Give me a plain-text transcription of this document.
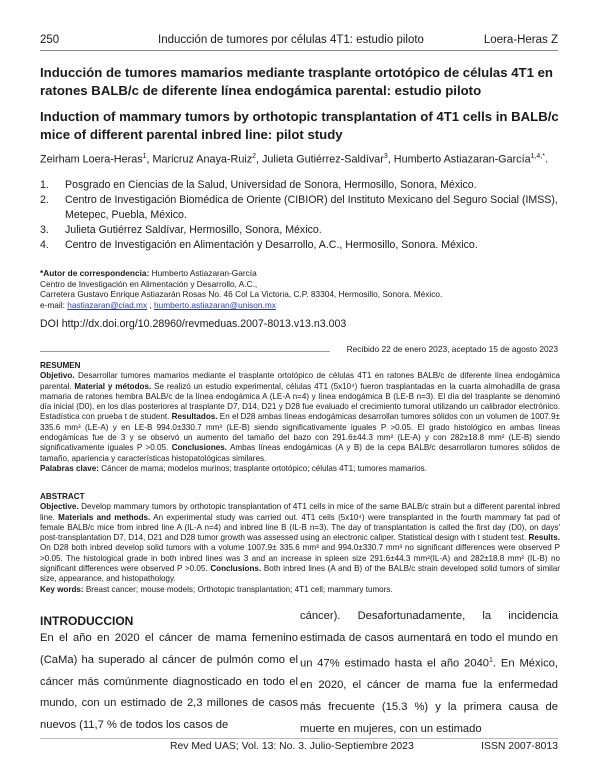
250	Inducción de tumores por células 4T1: estudio piloto	Loera-Heras Z
Inducción de tumores mamarios mediante trasplante ortotópico de células 4T1 en ratones BALB/c de diferente línea endogámica parental: estudio piloto
Induction of mammary tumors by orthotopic transplantation of 4T1 cells in BALB/c mice of different parental inbred line: pilot study
Zeirham Loera-Heras$^1$, Maricruz Anaya-Ruiz$^2$, Julieta Gutiérrez-Saldívar$^3$, Humberto Astiazaran-García$^{1,4,*}$.
1. Posgrado en Ciencias de la Salud, Universidad de Sonora, Hermosillo, Sonora, México.
2. Centro de Investigación Biomédica de Oriente (CIBIOR) del Instituto Mexicano del Seguro Social (IMSS), Metepec, Puebla, México.
3. Julieta Gutiérrez Saldívar, Hermosillo, Sonora, México.
4. Centro de Investigación en Alimentación y Desarrollo, A.C., Hermosillo, Sonora. México.
*Autor de correspondencia: Humberto Astiazaran-García
Centro de Investigación en Alimentación y Desarrollo, A.C.,
Carretera Gustavo Enrique Astiazarán Rosas No. 46 Col La Victoria, C.P. 83304, Hermosillo, Sonora. México.
e-mail: hastiazaran@ciad.mx , humberto.astiazaran@unison.mx
DOI http://dx.doi.org/10.28960/revmeduas.2007-8013.v13.n3.003
Recibido 22 de enero 2023, aceptado 15 de agosto 2023
RESUMEN
Objetivo. Desarrollar tumores mamarios mediante el trasplante ortotópico de células 4T1 en ratones BALB/c de diferente línea endogámica parental. Material y métodos. Se realizó un estudio experimental, células 4T1 (5x10⁴) fueron trasplantadas en la cuarta almohadilla de grasa mamaria de ratones hembra BALB/c de la línea endogámica A (LE-A n=4) y línea endogámica B (LE-B n=3). El día del trasplante se denominó día inicial (D0), en los días posteriores al trasplante D7, D14, D21 y D28 fue evaluado el crecimiento tumoral utilizando un calibrador electrónico. Estadística con prueba t de student. Resultados. En el D28 ambas líneas endogámicas desarrollan tumores sólidos con un volumen de 1007.9± 335.6 mm³ (LE-A) y en LE-B 994.0±330.7 mm³ (LE-B) siendo significativamente iguales P >0.05. El grado histológico en ambas líneas endogámicas fue de 3 y se observó un aumento del tamaño del bazo con 291.6±44.3 mm² (LE-A) y con 282±18.8 mm² (LE-B) siendo significativamente iguales P >0.05. Conclusiones. Ambas líneas endogámicas (A y B) de la cepa BALB/c desarrollaron tumores sólidos de tamaño, apariencia y características histopatológicas similares.
Palabras clave: Cáncer de mama; modelos murinos; trasplante ortotópico; células 4T1; tumores mamarios.
ABSTRACT
Objective. Develop mammary tumors by orthotopic transplantation of 4T1 cells in mice of the same BALB/c strain but a different parental inbred line. Materials and methods. An experimental study was carried out. 4T1 cells (5x10⁴) were transplanted in the fourth mammary fat pad of female BALB/c mice from inbred line A (IL-A n=4) and inbred line B (IL-B n=3). The day of transplantation is called the first day (D0), on days' post-transplantation D7, D14, D21 and D28 tumor growth was assessed using an electronic caliper. Statistical design with t student test. Results. On D28 both inbred develop solid tumors with a volume 1007.9± 335.6 mm³ and 994.0±330.7 mm³ no significant differences were observed P >0.05. The histological grade in both inbred lines was 3 and an increase in spleen size 291.6±44.3 mm²(IL-A) and 282±18.8 mm² (IL-B) no significant differences were observed P >0.05. Conclusions. Both inbred lines (A and B) of the BALB/c strain developed solid tumors of similar size, appearance, and histopathology.
Key words: Breast cancer; mouse models; Orthotopic transplantation; 4T1 cell; mammary tumors.
INTRODUCCION
En el año en 2020 el cáncer de mama femenino (CaMa) ha superado al cáncer de pulmón como el cáncer más comúnmente diagnosticado en todo el mundo, con un estimado de 2,3 millones de casos nuevos (11,7 % de todos los casos de
cáncer). Desafortunadamente, la incidencia estimada de casos aumentará en todo el mundo en un 47% estimado hasta el año 2040$^1$. En México, en 2020, el cáncer de mama fue la enfermedad más frecuente (15.3 %) y la primera causa de muerte en mujeres, con un estimado
Rev Med UAS; Vol. 13: No. 3. Julio-Septiembre 2023	ISSN 2007-8013
